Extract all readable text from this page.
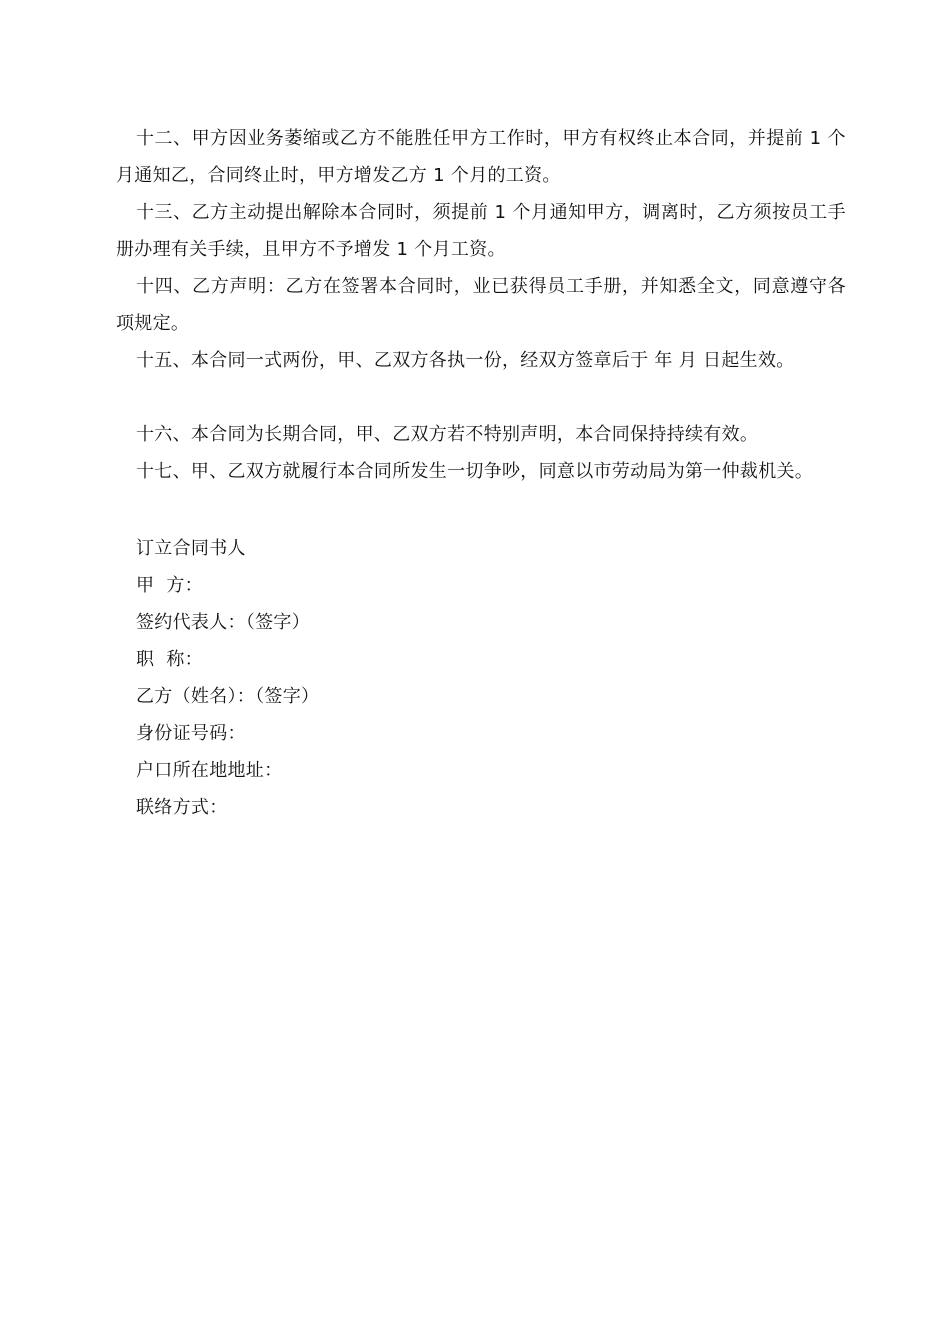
十二、甲方因业务萎缩或乙方不能胜任甲方工作时，甲方有权终止本合同，并提前 1 个月通知乙，合同终止时，甲方增发乙方 1 个月的工资。

十三、乙方主动提出解除本合同时，须提前 1 个月通知甲方，调离时，乙方须按员工手册办理有关手续，且甲方不予增发 1 个月工资。

十四、乙方声明：乙方在签署本合同时，业已获得员工手册，并知悉全文，同意遵守各项规定。

十五、本合同一式两份，甲、乙双方各执一份，经双方签章后于 年 月 日起生效。

十六、本合同为长期合同，甲、乙双方若不特别声明，本合同保持持续有效。

十七、甲、乙双方就履行本合同所发生一切争吵，同意以市劳动局为第一仲裁机关。

订立合同书人

甲  方：

签约代表人：（签字）

职  称：

乙方（姓名）：（签字）

身份证号码：

户口所在地地址：

联络方式：
